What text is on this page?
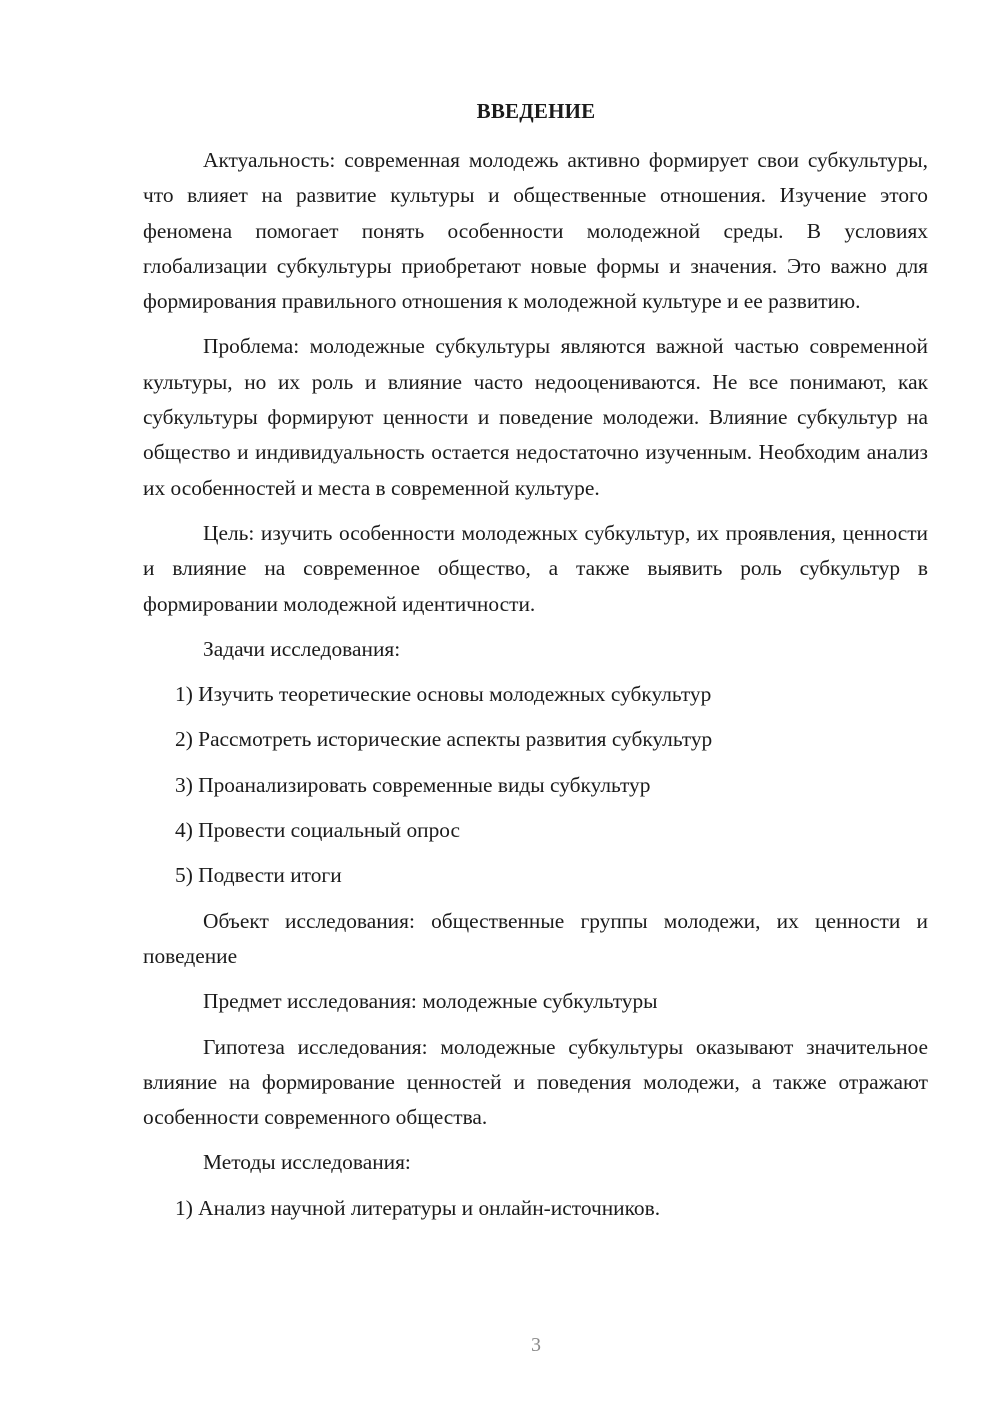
ВВЕДЕНИЕ

Актуальность: современная молодежь активно формирует свои субкультуры, что влияет на развитие культуры и общественные отношения. Изучение этого феномена помогает понять особенности молодежной среды. В условиях глобализации субкультуры приобретают новые формы и значения. Это важно для формирования правильного отношения к молодежной культуре и ее развитию.

Проблема: молодежные субкультуры являются важной частью современной культуры, но их роль и влияние часто недооцениваются. Не все понимают, как субкультуры формируют ценности и поведение молодежи. Влияние субкультур на общество и индивидуальность остается недостаточно изученным. Необходим анализ их особенностей и места в современной культуре.

Цель: изучить особенности молодежных субкультур, их проявления, ценности и влияние на современное общество, а также выявить роль субкультур в формировании молодежной идентичности.

Задачи исследования:

1) Изучить теоретические основы молодежных субкультур

2) Рассмотреть исторические аспекты развития субкультур

3) Проанализировать современные виды субкультур

4) Провести социальный опрос

5) Подвести итоги

Объект исследования: общественные группы молодежи, их ценности и поведение

Предмет исследования: молодежные субкультуры

Гипотеза исследования: молодежные субкультуры оказывают значительное влияние на формирование ценностей и поведения молодежи, а также отражают особенности современного общества.

Методы исследования:

1) Анализ научной литературы и онлайн-источников.

3
